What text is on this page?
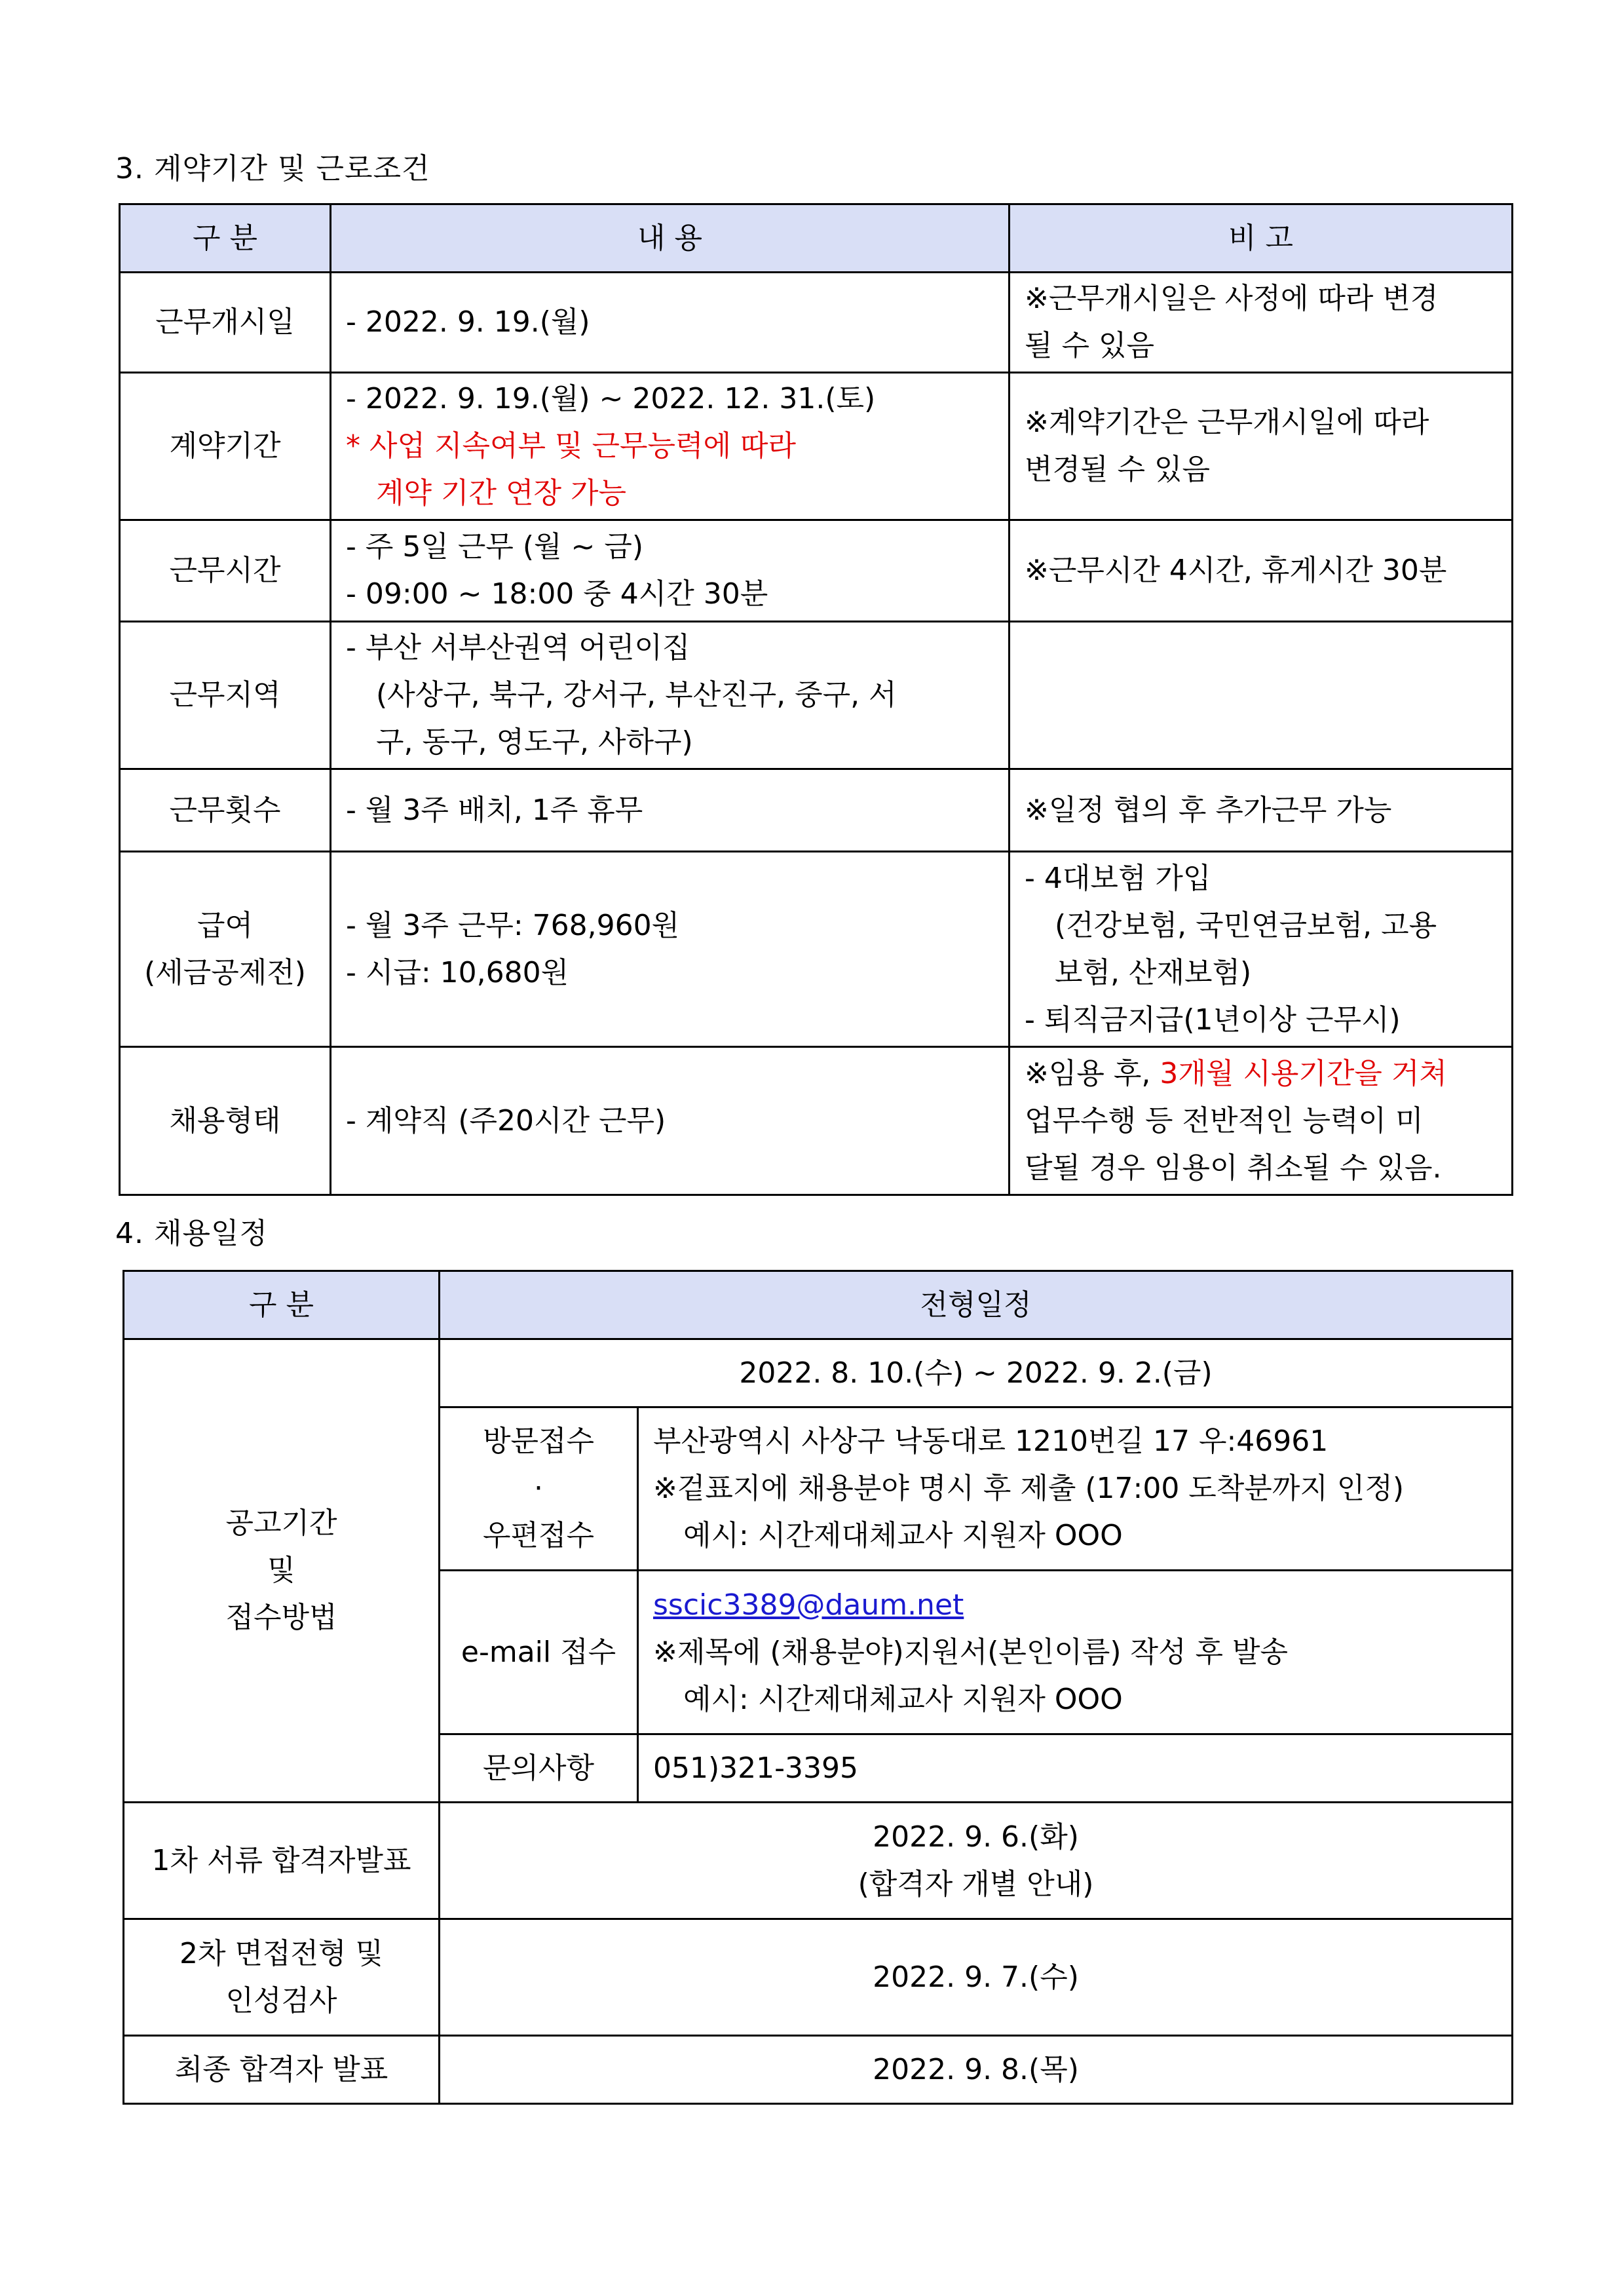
3. 계약기간 및 근로조건
구 분	내 용	비 고
근무개시일	- 2022. 9. 19.(월)	※근무개시일은 사정에 따라 변경
될 수 있음

계약기간	- 2022. 9. 19.(월) ~ 2022. 12. 31.(토)
* 사업 지속여부 및 근무능력에 따라
계약 기간 연장 가능	※계약기간은 근무개시일에 따라
변경될 수 있음

근무시간	- 주 5일 근무 (월 ~ 금)
- 09:00 ~ 18:00 중 4시간 30분	※근무시간 4시간, 휴게시간 30분

근무지역	- 부산 서부산권역 어린이집
(사상구, 북구, 강서구, 부산진구, 중구, 서
구, 동구, 영도구, 사하구)	

근무횟수	- 월 3주 배치, 1주 휴무	※일정 협의 후 추가근무 가능

급여
(세금공제전)	- 월 3주 근무: 768,960원
- 시급: 10,680원	- 4대보험 가입
(건강보험, 국민연금보험, 고용
보험, 산재보험)
- 퇴직금지급(1년이상 근무시)

채용형태	- 계약직 (주20시간 근무)	※임용 후, 3개월 시용기간을 거쳐
업무수행 등 전반적인 능력이 미
달될 경우 임용이 취소될 수 있음.
4. 채용일정
구 분	전형일정	

공고기간
및
접수방법	2022. 8. 10.(수) ~ 2022. 9. 2.(금)	

	방문접수
·
우편접수	부산광역시 사상구 낙동대로 1210번길 17 우:46961
※겉표지에 채용분야 명시 후 제출 (17:00 도착분까지 인정)
예시: 시간제대체교사 지원자 OOO

	e-mail 접수	sscic3389@daum.net
※제목에 (채용분야)지원서(본인이름) 작성 후 발송
예시: 시간제대체교사 지원자 OOO

	문의사항	051)321-3395
1차 서류 합격자발표	2022. 9. 6.(화)
(합격자 개별 안내)	

2차 면접전형 및
인성검사	2022. 9. 7.(수)	
최종 합격자 발표	2022. 9. 8.(목)	
